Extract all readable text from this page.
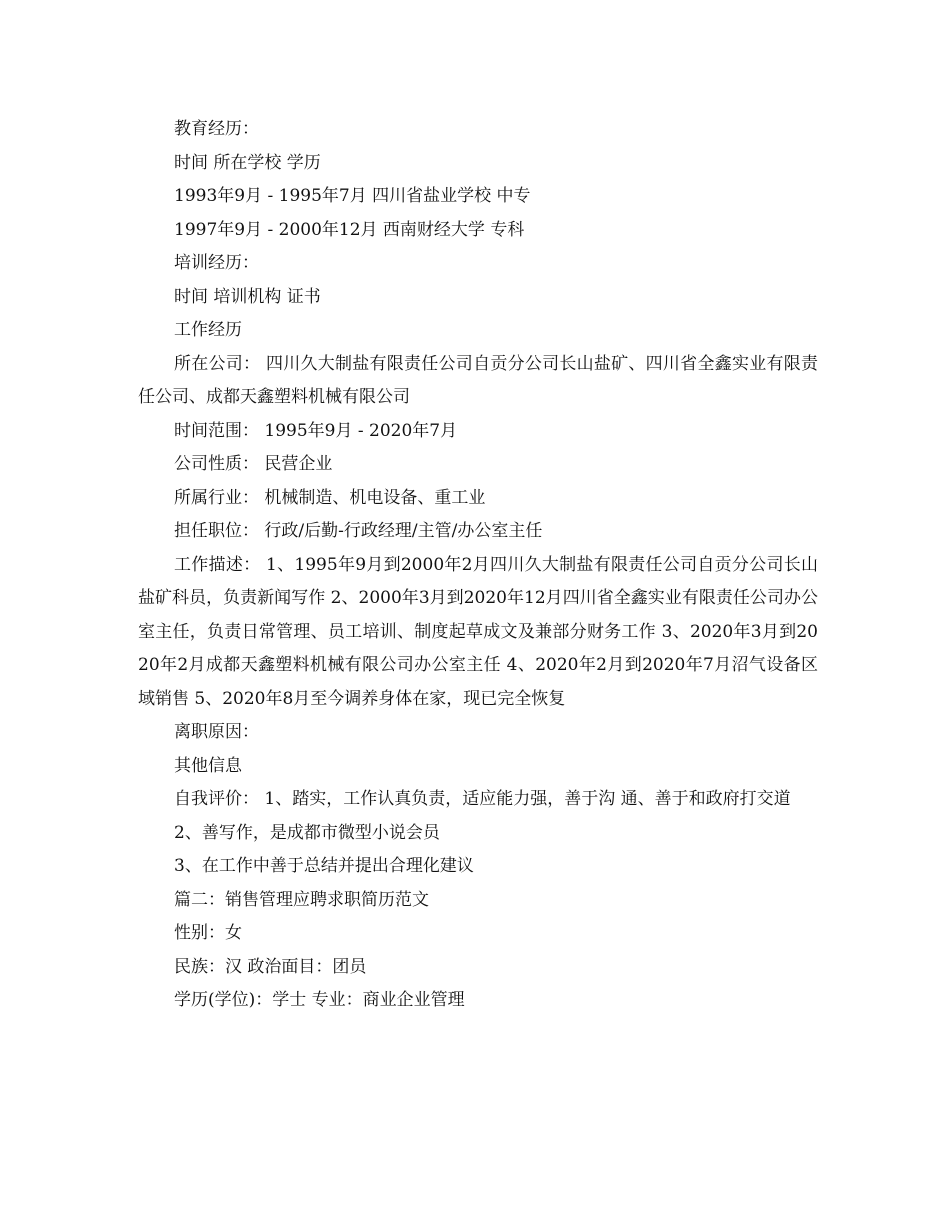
教育经历：

时间 所在学校 学历

1993年9月 - 1995年7月 四川省盐业学校 中专

1997年9月 - 2000年12月 西南财经大学 专科

培训经历：

时间 培训机构 证书

工作经历

所在公司： 四川久大制盐有限责任公司自贡分公司长山盐矿、四川省全鑫实业有限责任公司、成都天鑫塑料机械有限公司

时间范围： 1995年9月 - 2020年7月

公司性质： 民营企业

所属行业： 机械制造、机电设备、重工业

担任职位： 行政/后勤-行政经理/主管/办公室主任

工作描述： 1、1995年9月到2000年2月四川久大制盐有限责任公司自贡分公司长山盐矿科员，负责新闻写作 2、2000年3月到2020年12月四川省全鑫实业有限责任公司办公室主任，负责日常管理、员工培训、制度起草成文及兼部分财务工作 3、2020年3月到2020年2月成都天鑫塑料机械有限公司办公室主任 4、2020年2月到2020年7月沼气设备区域销售 5、2020年8月至今调养身体在家，现已完全恢复

离职原因：

其他信息

自我评价： 1、踏实，工作认真负责，适应能力强，善于沟 通、善于和政府打交道

2、善写作，是成都市微型小说会员

3、在工作中善于总结并提出合理化建议

篇二：销售管理应聘求职简历范文

性别：女

民族：汉 政治面目：团员

学历(学位)：学士 专业：商业企业管理
